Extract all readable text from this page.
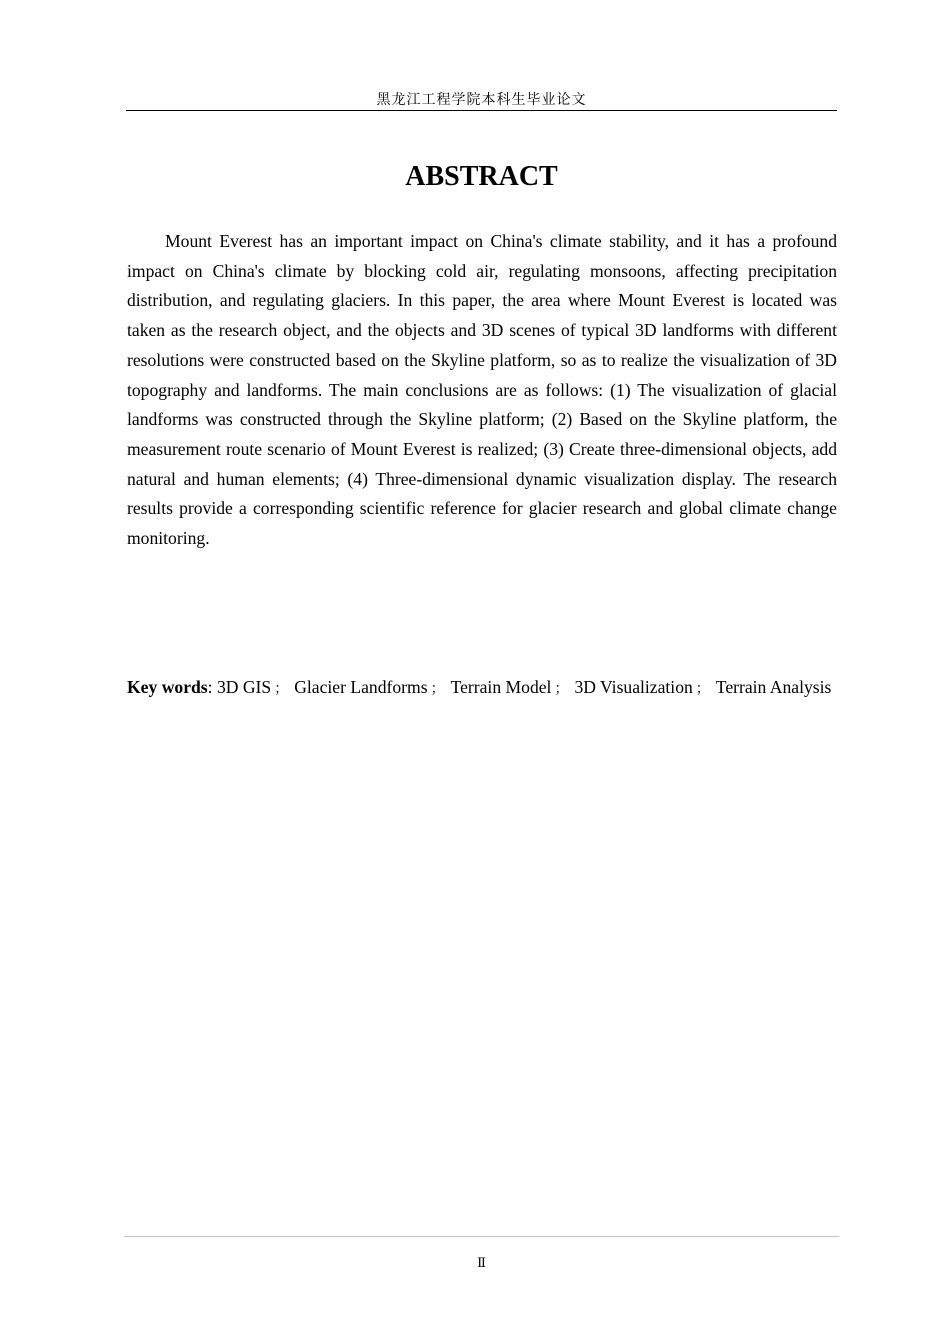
黑龙江工程学院本科生毕业论文
ABSTRACT

Mount Everest has an important impact on China's climate stability, and it has a profound impact on China's climate by blocking cold air, regulating monsoons, affecting precipitation distribution, and regulating glaciers. In this paper, the area where Mount Everest is located was taken as the research object, and the objects and 3D scenes of typical 3D landforms with different resolutions were constructed based on the Skyline platform, so as to realize the visualization of 3D topography and landforms. The main conclusions are as follows: (1) The visualization of glacial landforms was constructed through the Skyline platform; (2) Based on the Skyline platform, the measurement route scenario of Mount Everest is realized; (3) Create three-dimensional objects, add natural and human elements; (4) Three-dimensional dynamic visualization display. The research results provide a corresponding scientific reference for glacier research and global climate change monitoring.

Key words: 3D GIS ； Glacier Landforms ； Terrain Model ； 3D Visualization ； Terrain Analysis

Ⅱ
